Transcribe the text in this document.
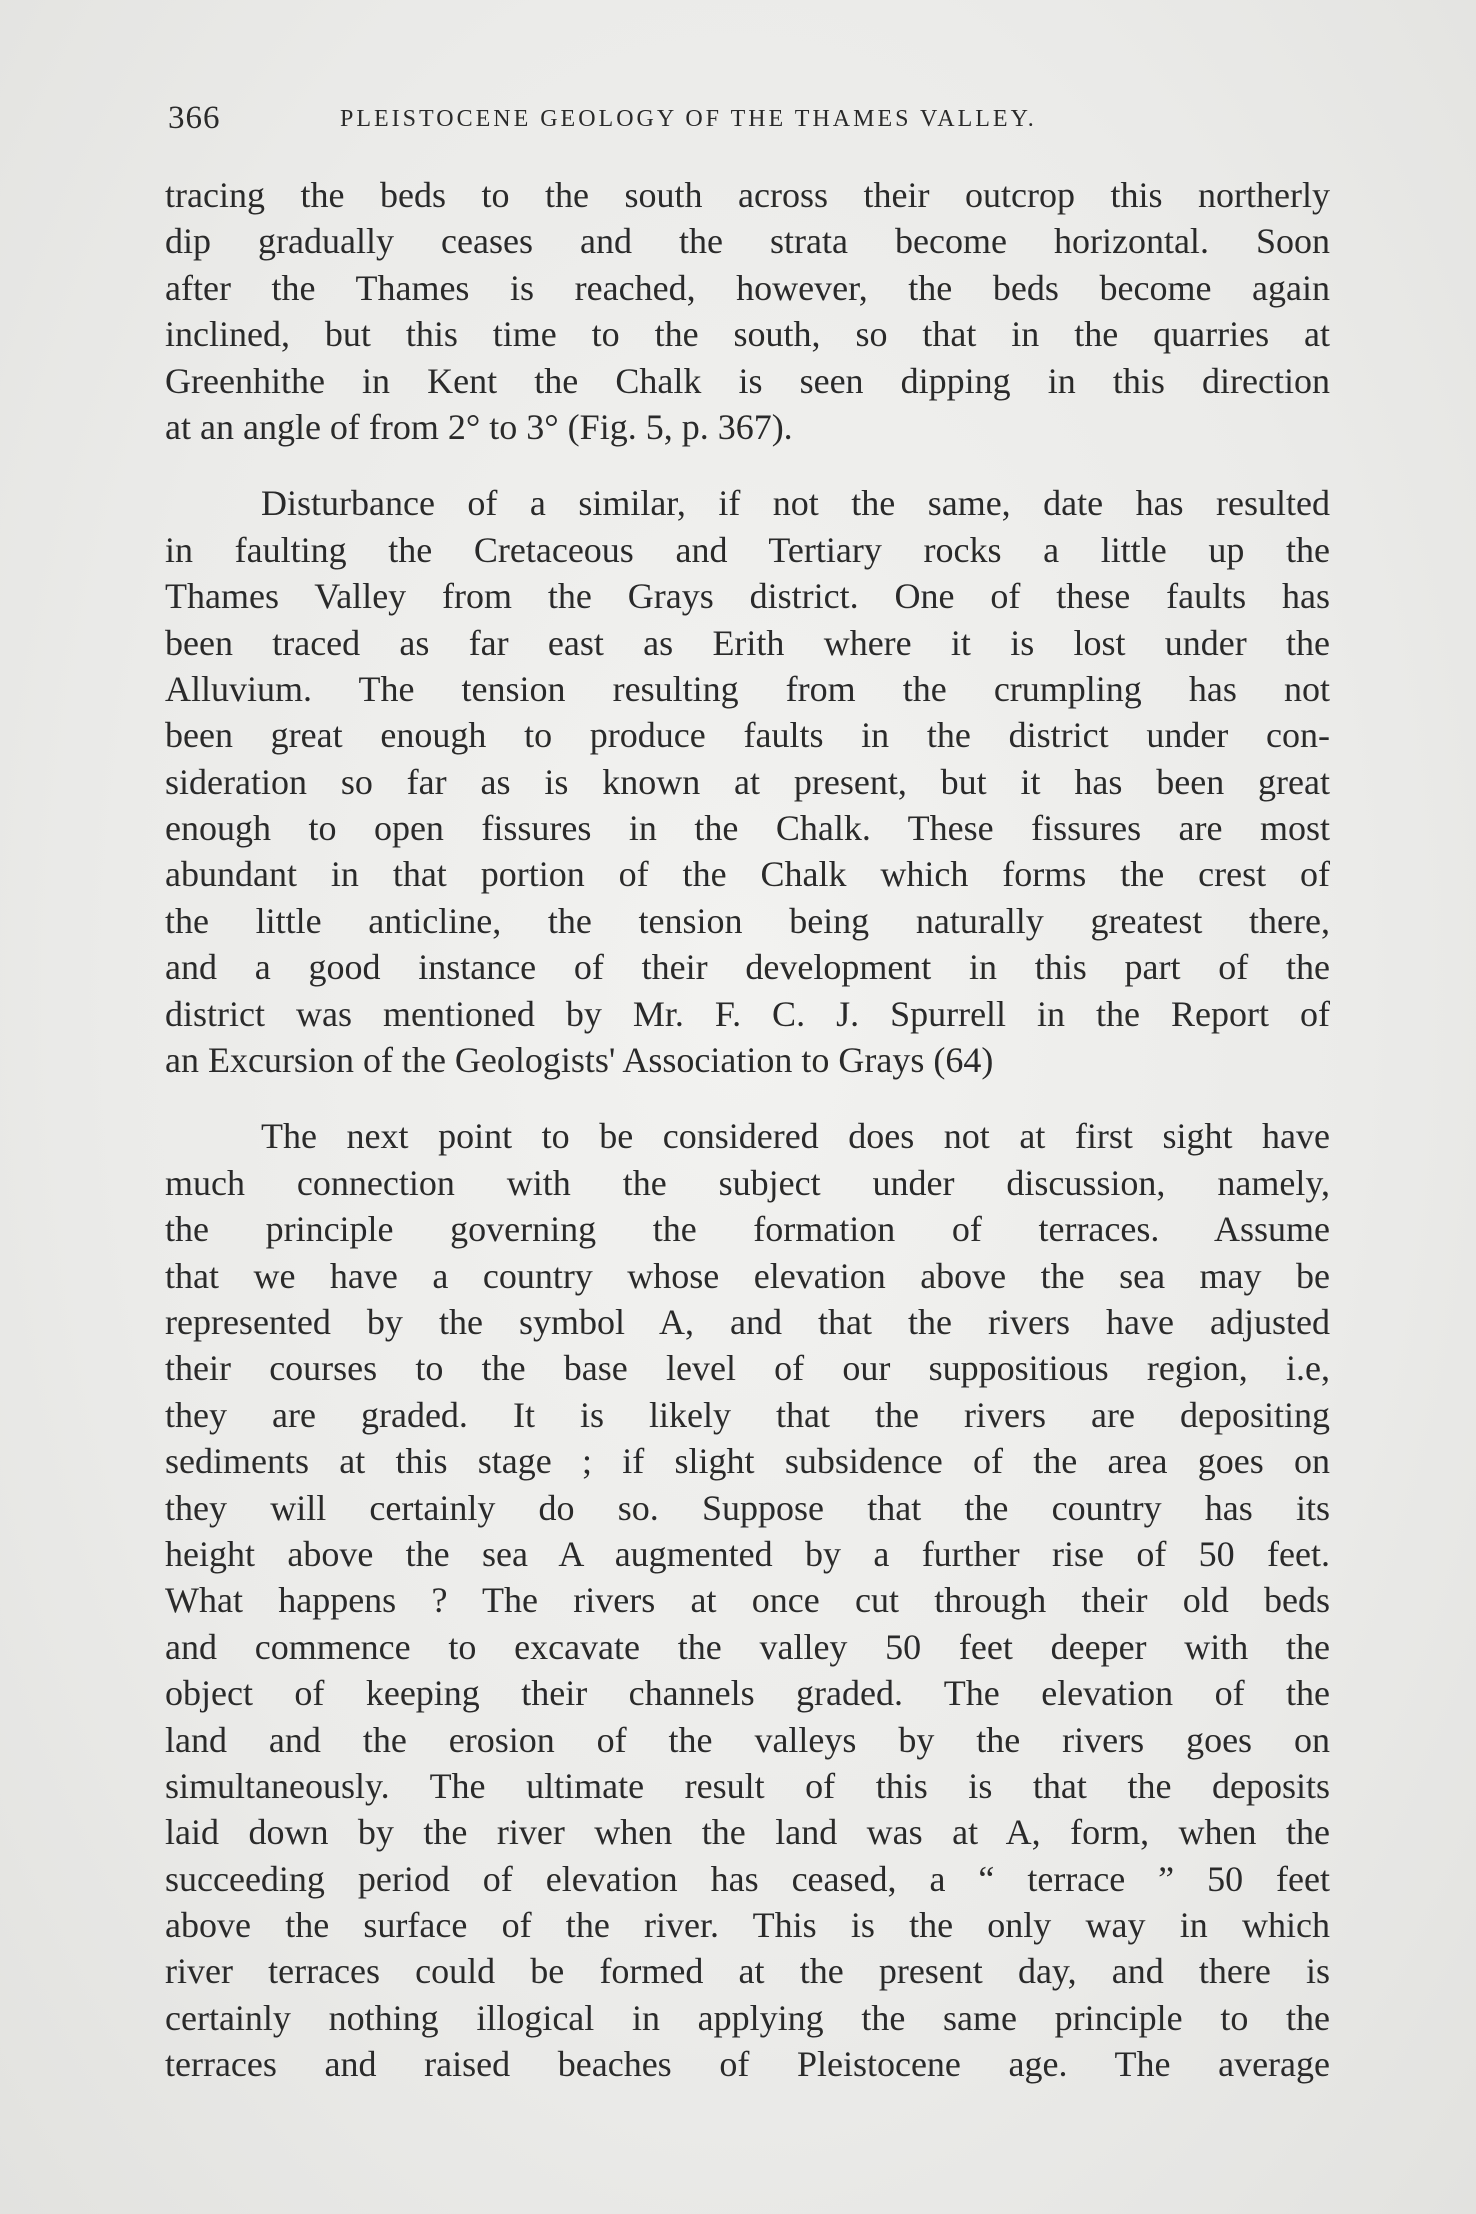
366	PLEISTOCENE GEOLOGY OF THE THAMES VALLEY.
tracing the beds to the south across their outcrop this northerly
dip gradually ceases and the strata become horizontal. Soon
after the Thames is reached, however, the beds become again
inclined, but this time to the south, so that in the quarries at
Greenhithe in Kent the Chalk is seen dipping in this direction
at an angle of from 2° to 3° (Fig. 5, p. 367).
Disturbance of a similar, if not the same, date has resulted
in faulting the Cretaceous and Tertiary rocks a little up the
Thames Valley from the Grays district. One of these faults has
been traced as far east as Erith where it is lost under the
Alluvium. The tension resulting from the crumpling has not
been great enough to produce faults in the district under con-
sideration so far as is known at present, but it has been great
enough to open fissures in the Chalk. These fissures are most
abundant in that portion of the Chalk which forms the crest of
the little anticline, the tension being naturally greatest there,
and a good instance of their development in this part of the
district was mentioned by Mr. F. C. J. Spurrell in the Report of
an Excursion of the Geologists' Association to Grays (64)
The next point to be considered does not at first sight have
much connection with the subject under discussion, namely,
the principle governing the formation of terraces. Assume
that we have a country whose elevation above the sea may be
represented by the symbol A, and that the rivers have adjusted
their courses to the base level of our suppositious region, i.e,
they are graded. It is likely that the rivers are depositing
sediments at this stage ; if slight subsidence of the area goes on
they will certainly do so. Suppose that the country has its
height above the sea A augmented by a further rise of 50 feet.
What happens ? The rivers at once cut through their old beds
and commence to excavate the valley 50 feet deeper with the
object of keeping their channels graded. The elevation of the
land and the erosion of the valleys by the rivers goes on
simultaneously. The ultimate result of this is that the deposits
laid down by the river when the land was at A, form, when the
succeeding period of elevation has ceased, a “ terrace ” 50 feet
above the surface of the river. This is the only way in which
river terraces could be formed at the present day, and there is
certainly nothing illogical in applying the same principle to the
terraces and raised beaches of Pleistocene age. The average
